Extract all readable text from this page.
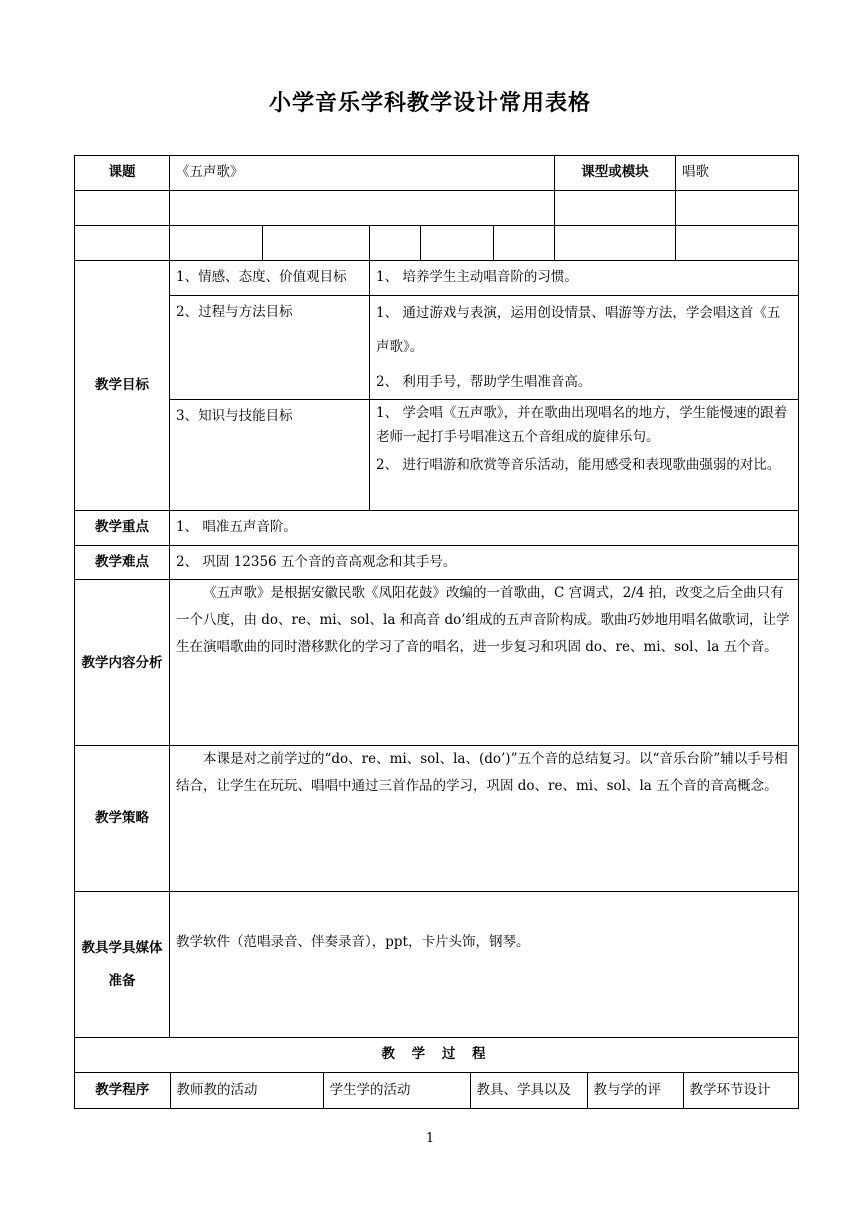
小学音乐学科教学设计常用表格
课题	《五声歌》	课型或模块	唱歌

教学目标	1、情感、态度、价值观目标	1、 培养学生主动唱音阶的习惯。
2、过程与方法目标	1、 通过游戏与表演，运用创设情景、唱游等方法，学会唱这首《五声歌》。
2、 利用手号，帮助学生唱准音高。

3、知识与技能目标	1、 学会唱《五声歌》，并在歌曲出现唱名的地方，学生能慢速的跟着老师一起打手号唱准这五个音组成的旋律乐句。
2、 进行唱游和欣赏等音乐活动，能用感受和表现歌曲强弱的对比。

教学重点	1、 唱准五声音阶。
教学难点	2、 巩固 12356 五个音的音高观念和其手号。
教学内容分析	《五声歌》是根据安徽民歌《凤阳花鼓》改编的一首歌曲，C 宫调式，2/4 拍，改变之后全曲只有一个八度，由 do、re、mi、sol、la 和高音 do’组成的五声音阶构成。歌曲巧妙地用唱名做歌词，让学生在演唱歌曲的同时潜移默化的学习了音的唱名，进一步复习和巩固 do、re、mi、sol、la 五个音。
教学策略	本课是对之前学过的“do、re、mi、sol、la、(do’)”五个音的总结复习。以“音乐台阶”辅以手号相结合，让学生在玩玩、唱唱中通过三首作品的学习，巩固 do、re、mi、sol、la 五个音的音高概念。
教具学具媒体准备	教学软件（范唱录音、伴奏录音），ppt，卡片头饰，钢琴。
教 学 过 程

教学程序	教师教的活动	学生学的活动	教具、学具以及	教与学的评	教学环节设计
1
